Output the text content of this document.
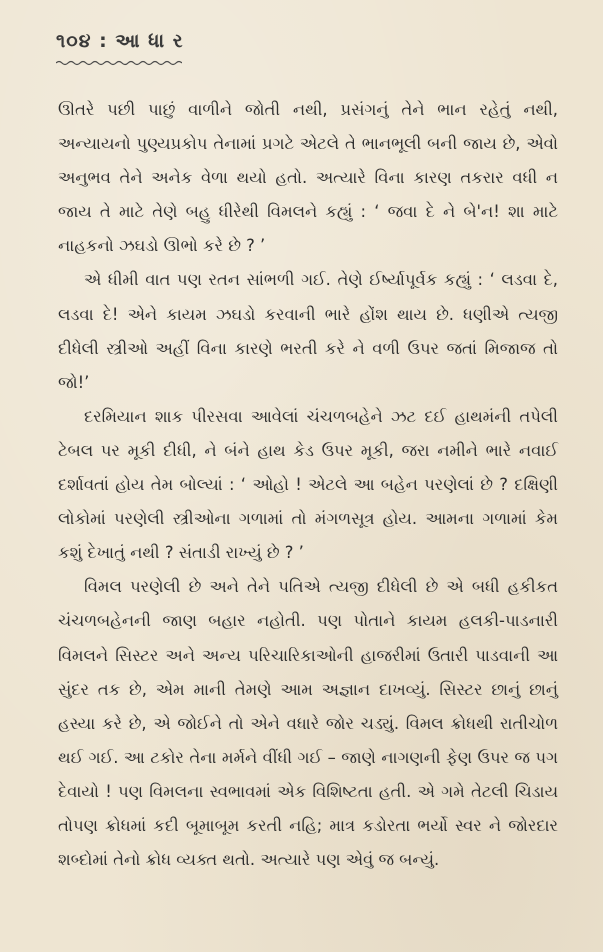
૧૦૪ : આ ધા ર

ઊતરે પછી પાછું વાળીને જોતી નથી, પ્રસંગનું તેને ભાન રહેતું નથી, અન્યાયનો પુણ્યપ્રકોપ તેનામાં પ્રગટે એટલે તે ભાનભૂલી બની જાય છે, એવો અનુભવ તેને અનેક વેળા થયો હતો. અત્યારે વિના કારણ તકરાર વધી ન જાય તે માટે તેણે બહુ ધીરેથી વિમલને કહ્યું : ‘ જવા દે ને બે'ન! શા માટે નાહકનો ઝઘડો ઊભો કરે છે ? ’

એ ધીમી વાત પણ રતન સાંભળી ગઈ. તેણે ઈર્ષ્યાપૂર્વક કહ્યું : ‘ લડવા દે, લડવા દે! એને કાયમ ઝઘડો કરવાની ભારે હોંશ થાય છે. ધણીએ ત્યજી દીધેલી સ્ત્રીઓ અહીં વિના કારણે ભરતી કરે ને વળી ઉપર જતાં મિજાજ તો જો!’

દરમિયાન શાક પીરસવા આવેલાં ચંચળબહેને ઝટ દઈ હાથમંની તપેલી ટેબલ પર મૂકી દીધી, ને બંને હાથ કેડ ઉપર મૂકી, જરા નમીને ભારે નવાઈ દર્શાવતાં હોય તેમ બોલ્યાં : ‘ ઓહો ! એટલે આ બહેન પરણેલાં છે ? દક્ષિણી લોકોમાં પરણેલી સ્ત્રીઓના ગળામાં તો મંગળસૂત્ર હોય. આમના ગળામાં કેમ કશું દેખાતું નથી ? સંતાડી રાખ્યું છે ? ’

વિમલ પરણેલી છે અને તેને પતિએ ત્યજી દીધેલી છે એ બધી હકીકત ચંચળબહેનની જાણ બહાર નહોતી. પણ પોતાને કાયમ હલકી-પાડનારી વિમલને સિસ્ટર અને અન્ય પરિચારિકાઓની હાજરીમાં ઉતારી પાડવાની આ સુંદર તક છે, એમ માની તેમણે આમ અજ્ઞાન દાખવ્યું. સિસ્ટર છાનું છાનું હસ્યા કરે છે, એ જોઈને તો એને વધારે જોર ચડ્યું. વિમલ ક્રોધથી રાતીચોળ થઈ ગઈ. આ ટકોર તેના મર્મને વીંધી ગઈ – જાણે નાગણની ફેણ ઉપર જ પગ દેવાયો ! પણ વિમલના સ્વભાવમાં એક વિશિષ્ટતા હતી. એ ગમે તેટલી ચિડાય તોપણ ક્રોધમાં કદી બૂમાબૂમ કરતી નહિ; માત્ર કડોરતા ભર્યો સ્વર ને જોરદાર શબ્દોમાં તેનો ક્રોધ વ્યક્ત થતો. અત્યારે પણ એવું જ બન્યું.
